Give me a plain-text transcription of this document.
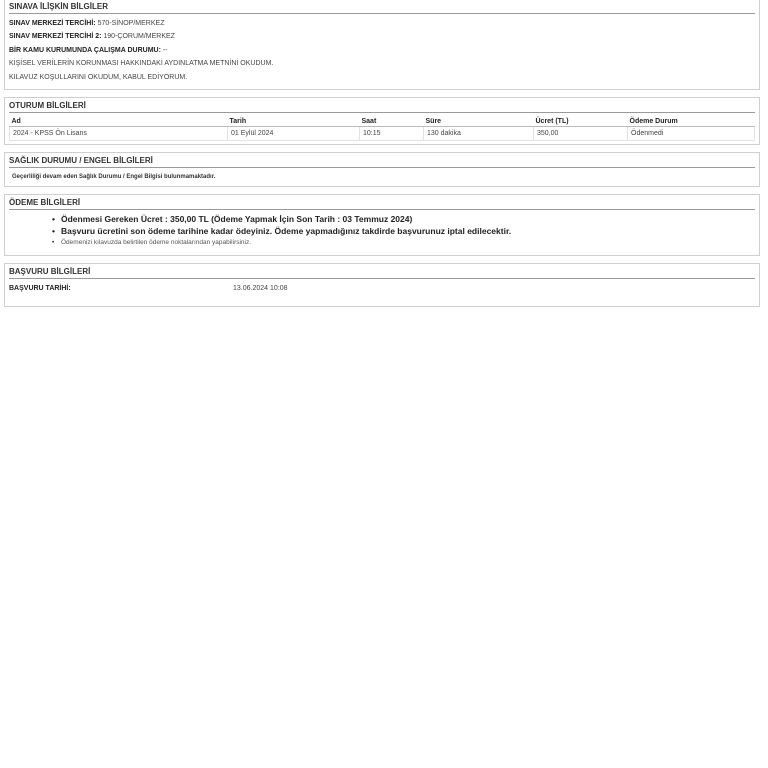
SINAVA İLİŞKİN BİLGİLER
SINAV MERKEZİ TERCİHİ: 570-SİNOP/MERKEZ
SINAV MERKEZİ TERCİHİ 2: 190-ÇORUM/MERKEZ
BİR KAMU KURUMUNDA ÇALIŞMA DURUMU: --
KİŞİSEL VERİLERİN KORUNMASI HAKKINDAKİ AYDINLATMA METNİNİ OKUDUM.
KILAVUZ KOŞULLARINI OKUDUM, KABUL EDİYORUM.
OTURUM BİLGİLERİ
Ad	Tarih	Saat	Süre	Ücret (TL)	Ödeme Durum
2024 - KPSS Ön Lisans	01 Eylül 2024	10:15	130 dakika	350,00	Ödenmedi
SAĞLIK DURUMU / ENGEL BİLGİLERİ
Geçerliliği devam eden Sağlık Durumu / Engel Bilgisi bulunmamaktadır.
ÖDEME BİLGİLERİ
• Ödenmesi Gereken Ücret : 350,00 TL (Ödeme Yapmak İçin Son Tarih : 03 Temmuz 2024)
• Başvuru ücretini son ödeme tarihine kadar ödeyiniz. Ödeme yapmadığınız takdirde başvurunuz iptal edilecektir.
• Ödemenizi kılavuzda belirtilen ödeme noktalarından yapabilirsiniz.
BAŞVURU BİLGİLERİ
BAŞVURU TARİHİ:	13.06.2024 10:08
